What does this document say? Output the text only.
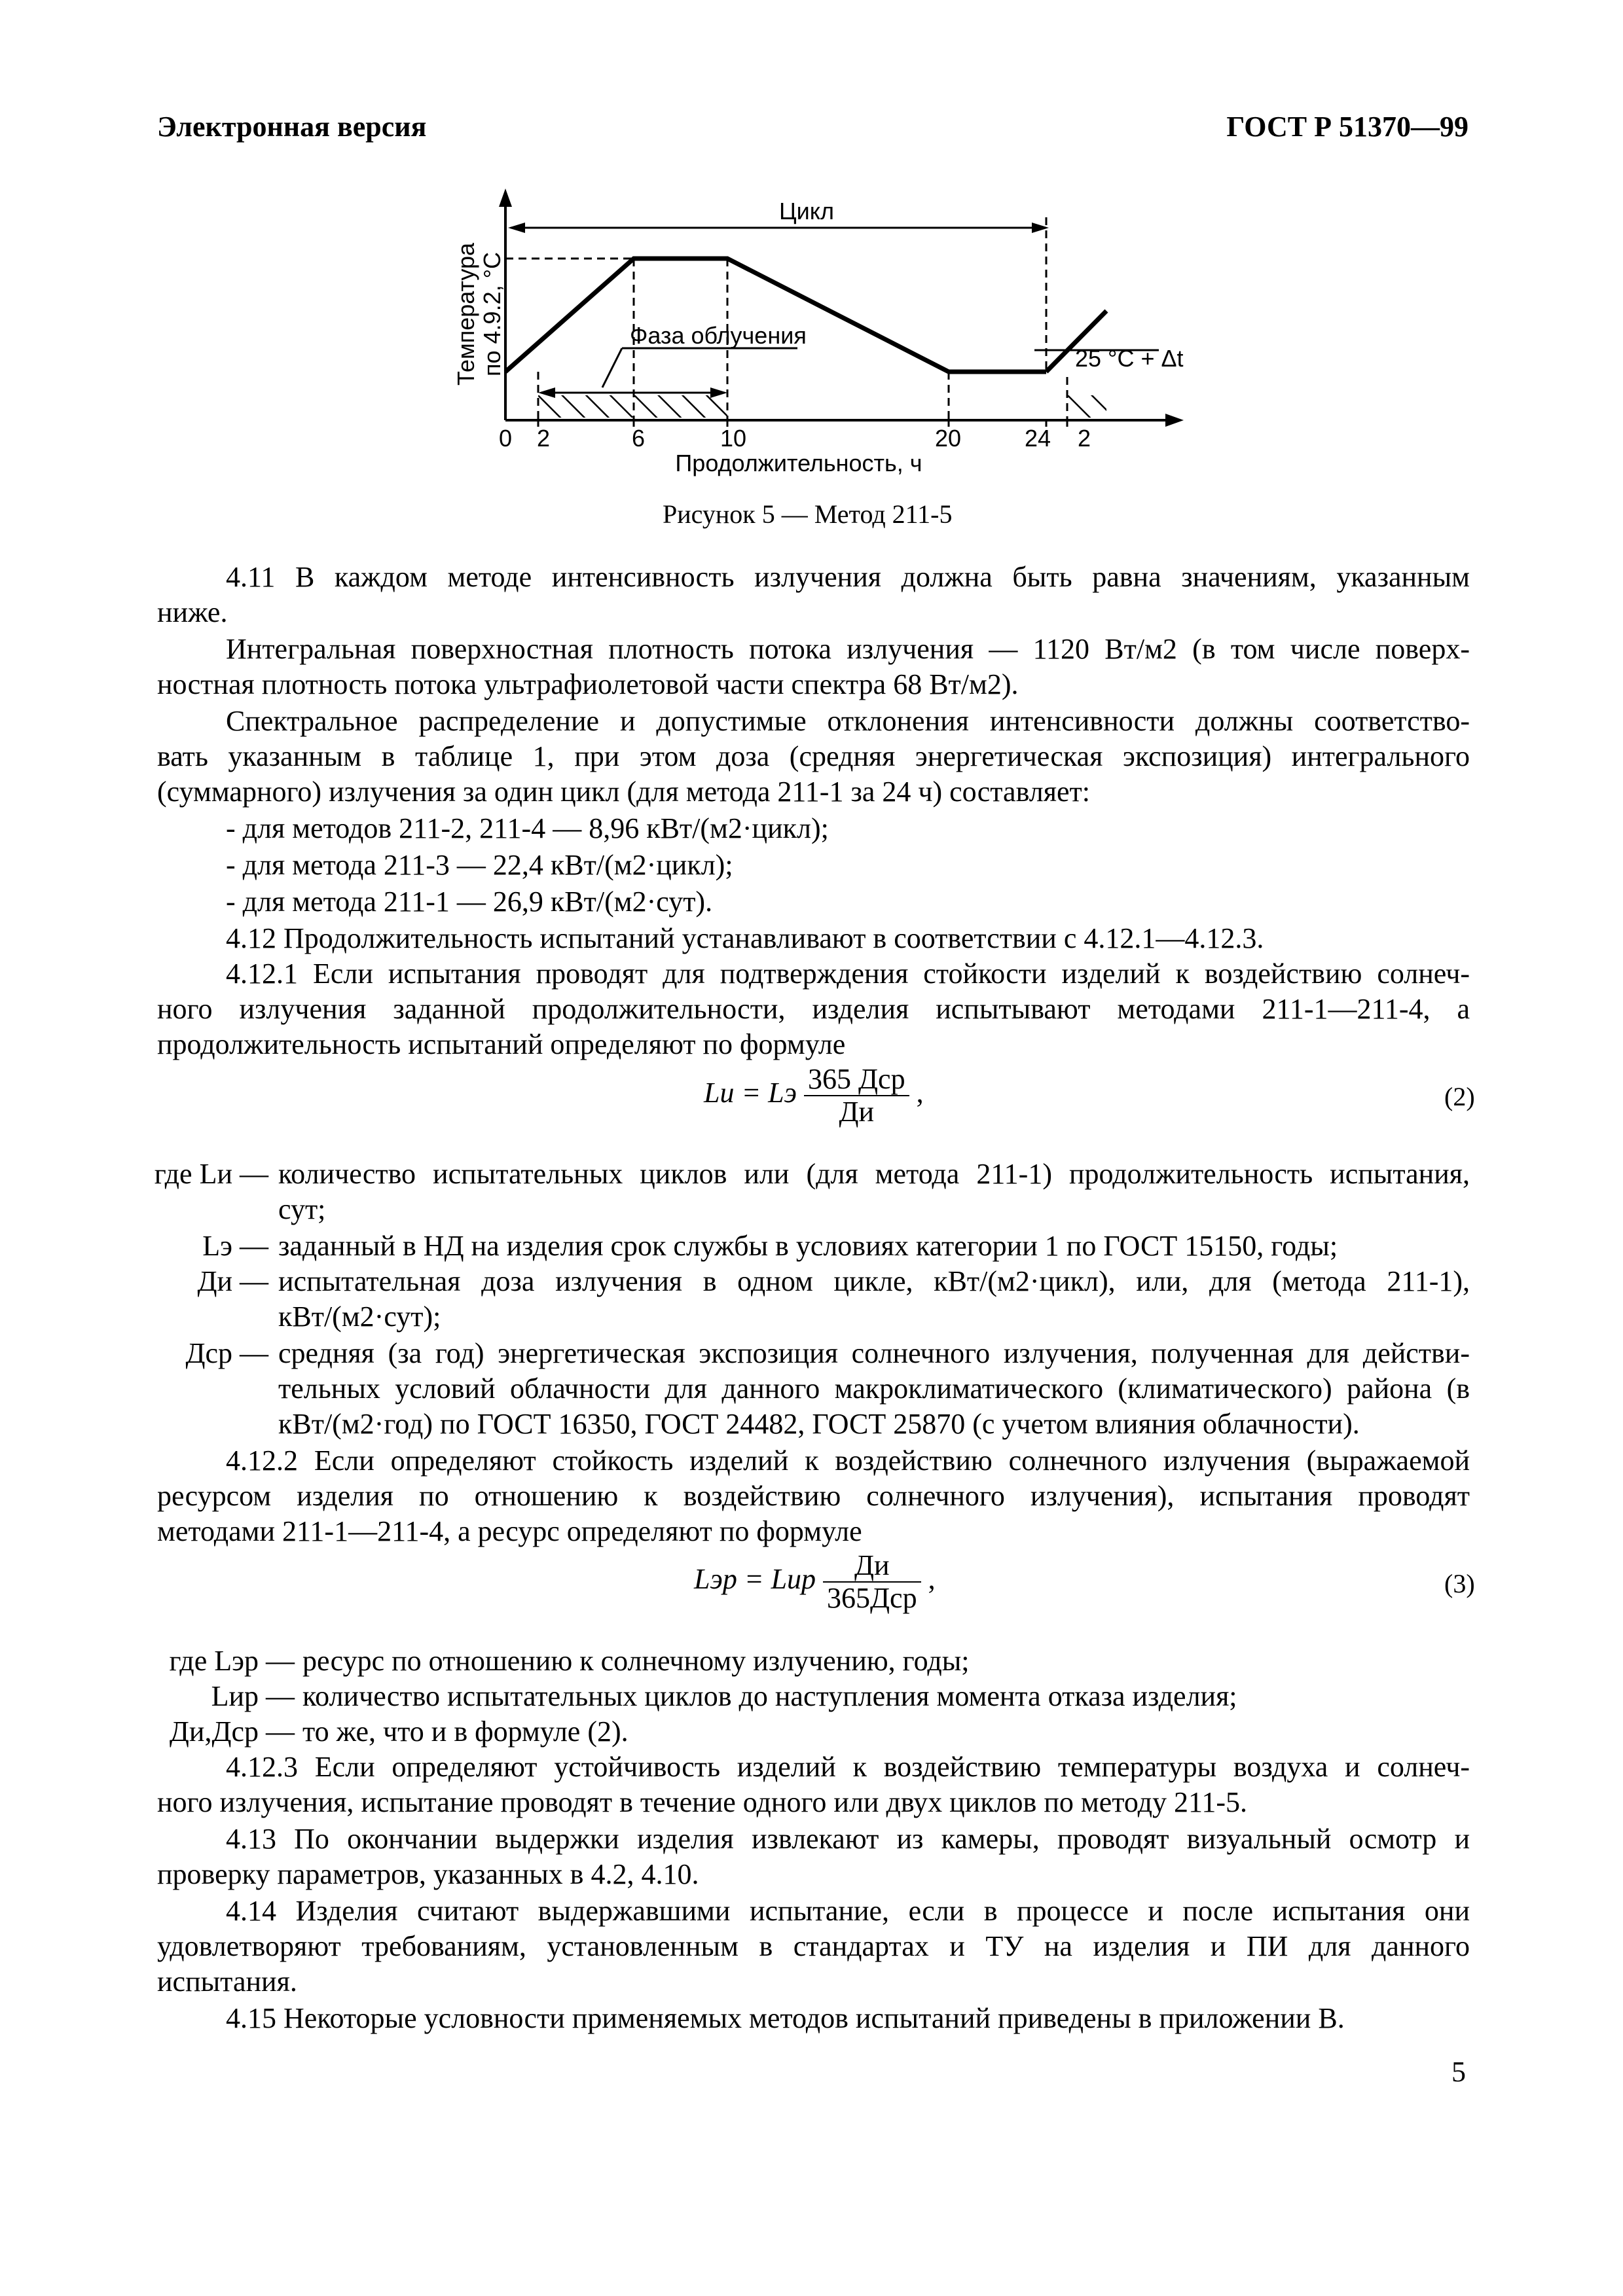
Электронная версия	ГОСТ Р 51370—99
Цикл
Фаза облучения
25 °С + Δt
Температура по 4.9.2, °С
0 2	6	10	20	24 2
Продолжительность, ч
Рисунок 5 — Метод 211-5
4.11 В каждом методе интенсивность излучения должна быть равна значениям, указанным
ниже.
Интегральная поверхностная плотность потока излучения — 1120 Вт/м2 (в том числе поверх-
ностная плотность потока ультрафиолетовой части спектра 68 Вт/м2).
Спектральное распределение и допустимые отклонения интенсивности должны соответство-
вать указанным в таблице 1, при этом доза (средняя энергетическая экспозиция) интегрального
(суммарного) излучения за один цикл (для метода 211-1 за 24 ч) составляет:
- для методов 211-2, 211-4 — 8,96 кВт/(м2·цикл);
- для метода 211-3 — 22,4 кВт/(м2·цикл);
- для метода 211-1 — 26,9 кВт/(м2·сут).
4.12 Продолжительность испытаний устанавливают в соответствии с 4.12.1—4.12.3.
4.12.1 Если испытания проводят для подтверждения стойкости изделий к воздействию солнеч-
ного излучения заданной продолжительности, изделия испытывают методами 211-1—211-4, а
продолжительность испытаний определяют по формуле
Lи = Lэ $\frac{\text{365 Дср}}{Ди}$ ,	(2)
где Lи — количество испытательных циклов или (для метода 211-1) продолжительность испытания,
сут;
Lэ — заданный в НД на изделия срок службы в условиях категории 1 по ГОСТ 15150, годы;
Ди — испытательная доза излучения в одном цикле, кВт/(м2·цикл), или, для (метода 211-1),
кВт/(м2·сут);
Дср — средняя (за год) энергетическая экспозиция солнечного излучения, полученная для действи-
тельных условий облачности для данного макроклиматического (климатического) района (в
кВт/(м2·год) по ГОСТ 16350, ГОСТ 24482, ГОСТ 25870 (с учетом влияния облачности).
4.12.2 Если определяют стойкость изделий к воздействию солнечного излучения (выражаемой
ресурсом изделия по отношению к воздействию солнечного излучения), испытания проводят
методами 211-1—211-4, а ресурс определяют по формуле
Lэр = Lир $\frac{Ди}{\text{365Дср}}$ ,	(3)
где Lэр — ресурс по отношению к солнечному излучению, годы;
Lир — количество испытательных циклов до наступления момента отказа изделия;
Ди,Дср — то же, что и в формуле (2).
4.12.3 Если определяют устойчивость изделий к воздействию температуры воздуха и солнеч-
ного излучения, испытание проводят в течение одного или двух циклов по методу 211-5.
4.13 По окончании выдержки изделия извлекают из камеры, проводят визуальный осмотр и
проверку параметров, указанных в 4.2, 4.10.
4.14 Изделия считают выдержавшими испытание, если в процессе и после испытания они
удовлетворяют требованиям, установленным в стандартах и ТУ на изделия и ПИ для данного
испытания.
4.15 Некоторые условности применяемых методов испытаний приведены в приложении В.
5
